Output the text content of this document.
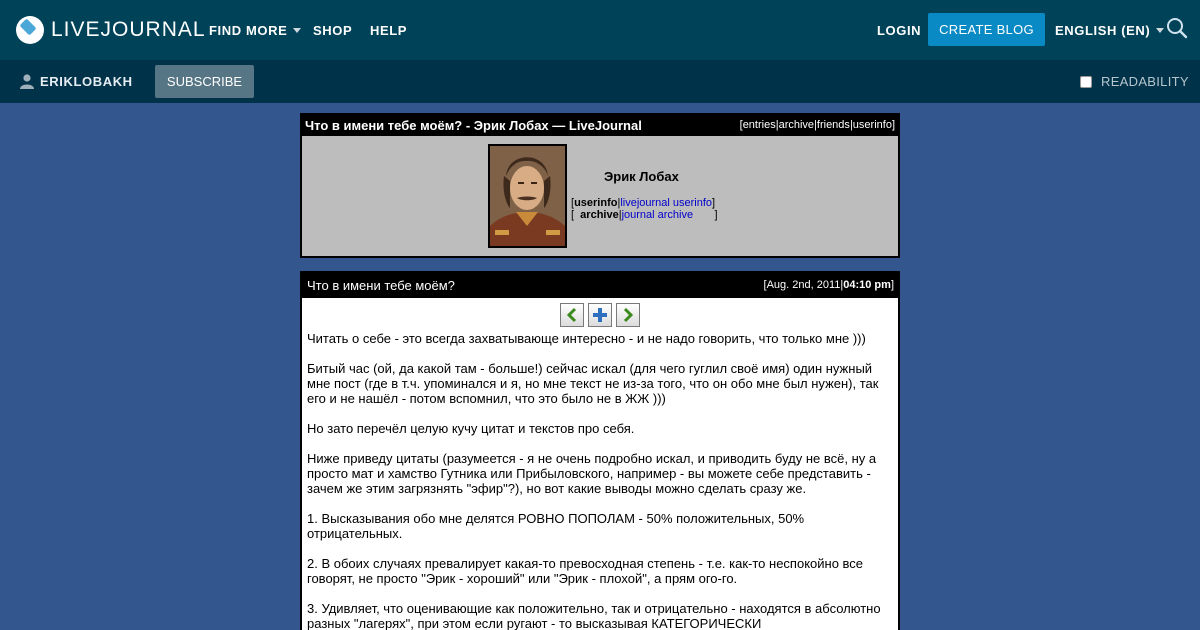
LIVEJOURNAL FIND MORE SHOP HELP	LOGIN	CREATE BLOG	ENGLISH (EN)
ERIKLOBAKH	SUBSCRIBE	READABILITY
Что в имени тебе моём? - Эрик Лобах — LiveJournal	[entries|archive|friends|userinfo]
Эрик Лобах
[userinfo|livejournal userinfo]
[  archive|journal archive       ]
Что в имени тебе моём?	[Aug. 2nd, 2011|04:10 pm]

Читать о себе - это всегда захватывающе интересно - и не надо говорить, что только мне )))

Битый час (ой, да какой там - больше!) сейчас искал (для чего гуглил своё имя) один нужный мне пост (где в т.ч. упоминался и я, но мне текст не из-за того, что он обо мне был нужен), так его и не нашёл - потом вспомнил, что это было не в ЖЖ )))

Но зато перечёл целую кучу цитат и текстов про себя.

Ниже приведу цитаты (разумеется - я не очень подробно искал, и приводить буду не всё, ну а просто мат и хамство Гутника или Прибыловского, например - вы можете себе представить - зачем же этим загрязнять "эфир"?), но вот какие выводы можно сделать сразу же.

1. Высказывания обо мне делятся РОВНО ПОПОЛАМ - 50% положительных, 50% отрицательных.

2. В обоих случаях превалирует какая-то превосходная степень - т.е. как-то неспокойно все говорят, не просто "Эрик - хороший" или "Эрик - плохой", а прям ого-го.

3. Удивляет, что оценивающие как положительно, так и отрицательно - находятся в абсолютно разных "лагерях", при этом если ругают - то высказывая КАТЕГОРИЧЕСКИ
